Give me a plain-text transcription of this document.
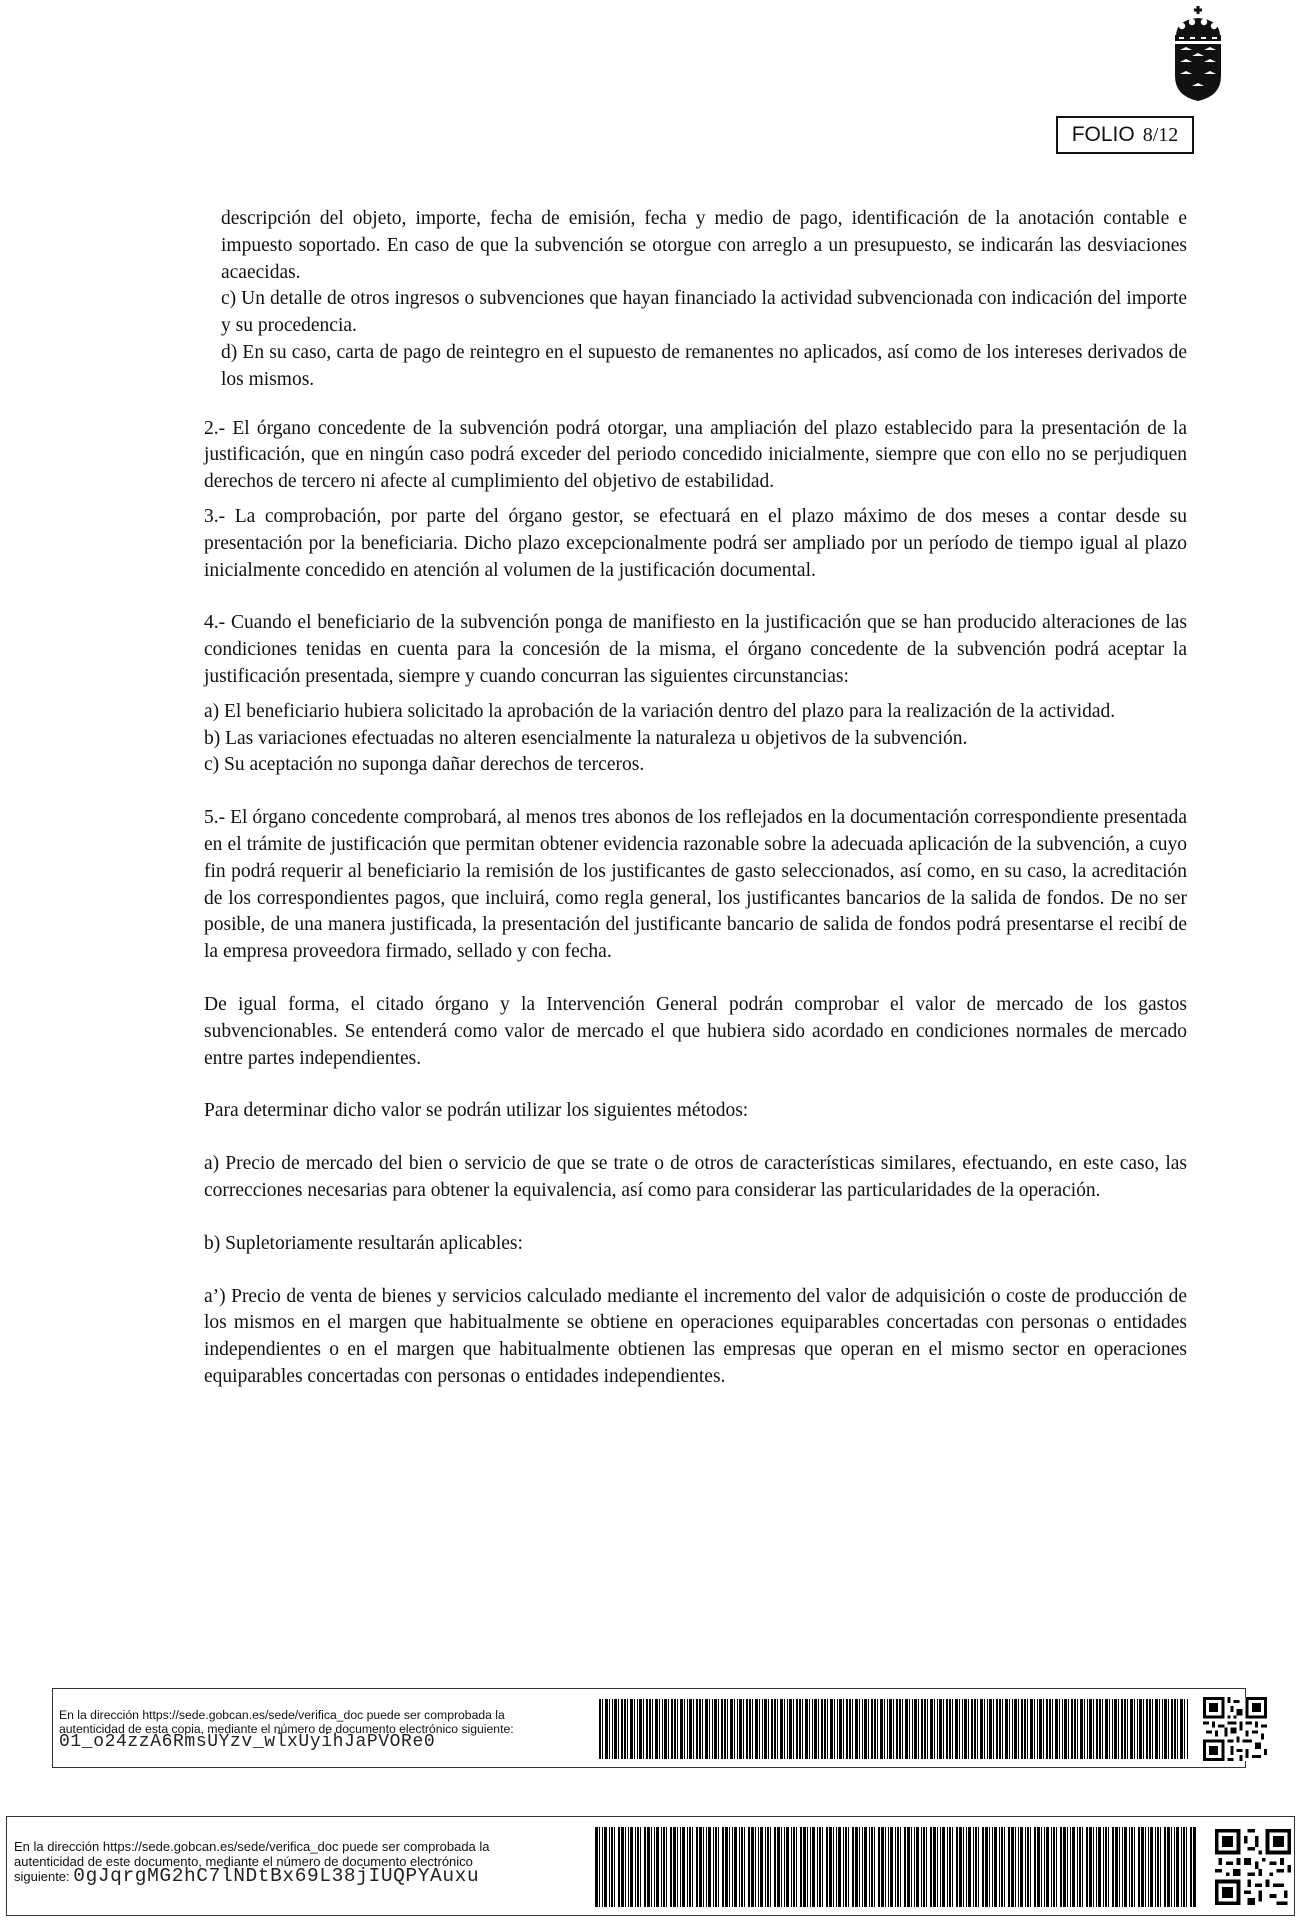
FOLIO 8/12

descripción del objeto, importe, fecha de emisión, fecha y medio de pago, identificación de la anotación contable e impuesto soportado. En caso de que la subvención se otorgue con arreglo a un presupuesto, se indicarán las desviaciones acaecidas.

c) Un detalle de otros ingresos o subvenciones que hayan financiado la actividad subvencionada con indicación del importe y su procedencia.

d) En su caso, carta de pago de reintegro en el supuesto de remanentes no aplicados, así como de los intereses derivados de los mismos.

2.- El órgano concedente de la subvención podrá otorgar, una ampliación del plazo establecido para la presentación de la justificación, que en ningún caso podrá exceder del periodo concedido inicialmente, siempre que con ello no se perjudiquen derechos de tercero ni afecte al cumplimiento del objetivo de estabilidad.

3.- La comprobación, por parte del órgano gestor, se efectuará en el plazo máximo de dos meses a contar desde su presentación por la beneficiaria. Dicho plazo excepcionalmente podrá ser ampliado por un período de tiempo igual al plazo inicialmente concedido en atención al volumen de la justificación documental.

4.- Cuando el beneficiario de la subvención ponga de manifiesto en la justificación que se han producido alteraciones de las condiciones tenidas en cuenta para la concesión de la misma, el órgano concedente de la subvención podrá aceptar la justificación presentada, siempre y cuando concurran las siguientes circunstancias:

a) El beneficiario hubiera solicitado la aprobación de la variación dentro del plazo para la realización de la actividad.

b) Las variaciones efectuadas no alteren esencialmente la naturaleza u objetivos de la subvención.

c) Su aceptación no suponga dañar derechos de terceros.

5.- El órgano concedente comprobará, al menos tres abonos de los reflejados en la documentación correspondiente presentada en el trámite de justificación que permitan obtener evidencia razonable sobre la adecuada aplicación de la subvención, a cuyo fin podrá requerir al beneficiario la remisión de los justificantes de gasto seleccionados, así como, en su caso, la acreditación de los correspondientes pagos, que incluirá, como regla general, los justificantes bancarios de la salida de fondos. De no ser posible, de una manera justificada, la presentación del justificante bancario de salida de fondos podrá presentarse el recibí de la empresa proveedora firmado, sellado y con fecha.

De igual forma, el citado órgano y la Intervención General podrán comprobar el valor de mercado de los gastos subvencionables. Se entenderá como valor de mercado el que hubiera sido acordado en condiciones normales de mercado entre partes independientes.

Para determinar dicho valor se podrán utilizar los siguientes métodos:

a) Precio de mercado del bien o servicio de que se trate o de otros de características similares, efectuando, en este caso, las correcciones necesarias para obtener la equivalencia, así como para considerar las particularidades de la operación.

b) Supletoriamente resultarán aplicables:

a’) Precio de venta de bienes y servicios calculado mediante el incremento del valor de adquisición o coste de producción de los mismos en el margen que habitualmente se obtiene en operaciones equiparables concertadas con personas o entidades independientes o en el margen que habitualmente obtienen las empresas que operan en el mismo sector en operaciones equiparables concertadas con personas o entidades independientes.

En la dirección https://sede.gobcan.es/sede/verifica_doc puede ser comprobada la
autenticidad de esta copia, mediante el número de documento electrónico siguiente:
01_o24zzA6RmsUYzv_wlxUyihJaPVORe0
En la dirección https://sede.gobcan.es/sede/verifica_doc puede ser comprobada la
autenticidad de este documento, mediante el número de documento electrónico
siguiente: 0gJqrgMG2hC7lNDtBx69L38jIUQPYAuxu
